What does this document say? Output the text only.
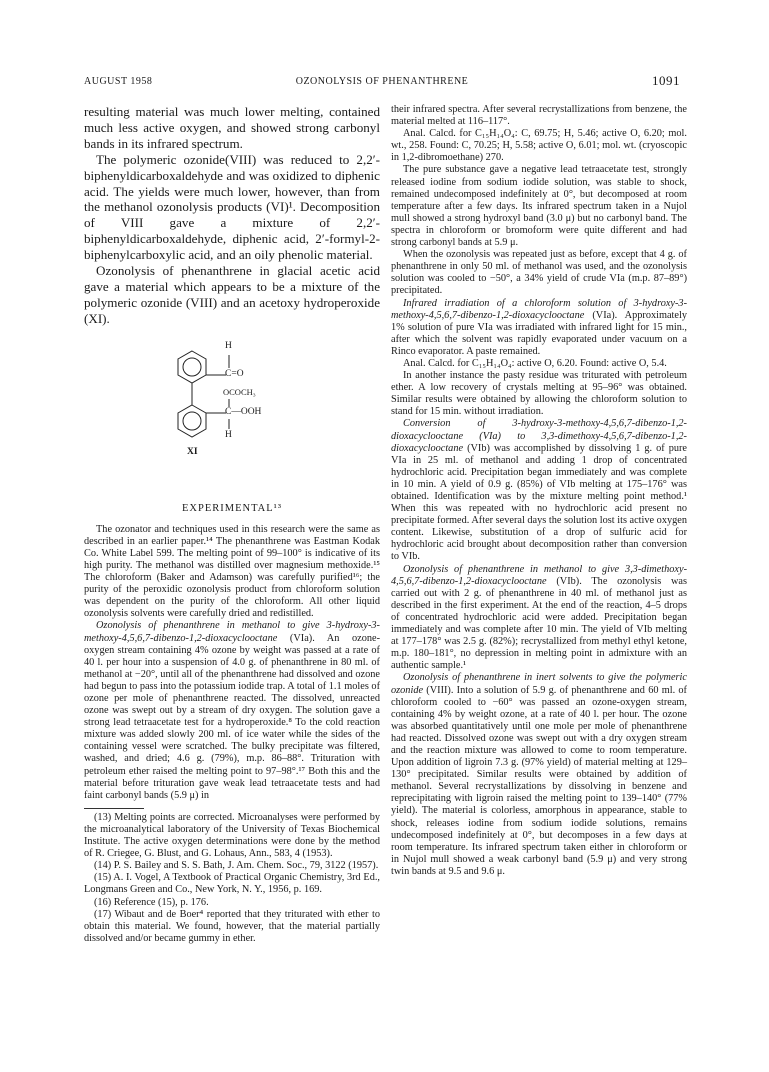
AUGUST 1958	OZONOLYSIS OF PHENANTHRENE	1091

resulting material was much lower melting, contained much less active oxygen, and showed strong carbonyl bands in its infrared spectrum.

The polymeric ozonide(VIII) was reduced to 2,2′-biphenyldicarboxaldehyde and was oxidized to diphenic acid. The yields were much lower, however, than from the methanol ozonolysis products (VI)¹. Decomposition of VIII gave a mixture of 2,2′-biphenyldicarboxaldehyde, diphenic acid, 2′-formyl-2-biphenylcarboxylic acid, and an oily phenolic material.

Ozonolysis of phenanthrene in glacial acetic acid gave a material which appears to be a mixture of the polymeric ozonide (VIII) and an acetoxy hydroperoxide (XI).

H
C=O
OCOCH₃
C—OOH
H
XI
EXPERIMENTAL¹³

The ozonator and techniques used in this research were the same as described in an earlier paper.¹⁴ The phenanthrene was Eastman Kodak Co. White Label 599. The melting point of 99–100° is indicative of its high purity. The methanol was distilled over magnesium methoxide.¹⁵ The chloroform (Baker and Adamson) was carefully purified¹⁶; the purity of the peroxidic ozonolysis product from chloroform solution was dependent on the purity of the chloroform. All other liquid ozonolysis solvents were carefully dried and redistilled.

Ozonolysis of phenanthrene in methanol to give 3-hydroxy-3-methoxy-4,5,6,7-dibenzo-1,2-dioxacyclooctane (VIa). An ozone-oxygen stream containing 4% ozone by weight was passed at a rate of 40 l. per hour into a suspension of 4.0 g. of phenanthrene in 80 ml. of methanol at −20°, until all of the phenanthrene had dissolved and ozone had begun to pass into the potassium iodide trap. A total of 1.1 moles of ozone per mole of phenanthrene reacted. The dissolved, unreacted ozone was swept out by a stream of dry oxygen. The solution gave a strong lead tetraacetate test for a hydroperoxide.⁸ To the cold reaction mixture was added slowly 200 ml. of ice water while the sides of the containing vessel were scratched. The bulky precipitate was filtered, washed, and dried; 4.6 g. (79%), m.p. 86–88°. Trituration with petroleum ether raised the melting point to 97–98°.¹⁷ Both this and the material before trituration gave weak lead tetraacetate tests and had faint carbonyl bands (5.9 μ) in

(13) Melting points are corrected. Microanalyses were performed by the microanalytical laboratory of the University of Texas Biochemical Institute. The active oxygen determinations were done by the method of R. Criegee, G. Blust, and G. Lohaus, Ann., 583, 4 (1953).

(14) P. S. Bailey and S. S. Bath, J. Am. Chem. Soc., 79, 3122 (1957).

(15) A. I. Vogel, A Textbook of Practical Organic Chemistry, 3rd Ed., Longmans Green and Co., New York, N. Y., 1956, p. 169.

(16) Reference (15), p. 176.

(17) Wibaut and de Boer⁴ reported that they triturated with ether to obtain this material. We found, however, that the material partially dissolved and/or became gummy in ether.

their infrared spectra. After several recrystallizations from benzene, the material melted at 116–117°.

Anal. Calcd. for C₁₅H₁₄O₄: C, 69.75; H, 5.46; active O, 6.20; mol. wt., 258. Found: C, 70.25; H, 5.58; active O, 6.01; mol. wt. (cryoscopic in 1,2-dibromoethane) 270.

The pure substance gave a negative lead tetraacetate test, strongly released iodine from sodium iodide solution, was stable to shock, remained undecomposed indefinitely at 0°, but decomposed at room temperature after a few days. Its infrared spectrum taken in a Nujol mull showed a strong hydroxyl band (3.0 μ) but no carbonyl band. The spectra in chloroform or bromoform were quite different and had strong carbonyl bands at 5.9 μ.

When the ozonolysis was repeated just as before, except that 4 g. of phenanthrene in only 50 ml. of methanol was used, and the ozonolysis solution was cooled to −50°, a 34% yield of crude VIa (m.p. 87–89°) precipitated.

Infrared irradiation of a chloroform solution of 3-hydroxy-3-methoxy-4,5,6,7-dibenzo-1,2-dioxacyclooctane (VIa). Approximately 1% solution of pure VIa was irradiated with infrared light for 15 min., after which the solvent was rapidly evaporated under vacuum on a Rinco evaporator. A paste remained.

Anal. Calcd. for C₁₅H₁₄O₄: active O, 6.20. Found: active O, 5.4.

In another instance the pasty residue was triturated with petroleum ether. A low recovery of crystals melting at 95–96° was obtained. Similar results were obtained by allowing the chloroform solution to stand for 15 min. without irradiation.

Conversion of 3-hydroxy-3-methoxy-4,5,6,7-dibenzo-1,2-dioxacyclooctane (VIa) to 3,3-dimethoxy-4,5,6,7-dibenzo-1,2-dioxacyclooctane (VIb) was accomplished by dissolving 1 g. of pure VIa in 25 ml. of methanol and adding 1 drop of concentrated hydrochloric acid. Precipitation began immediately and was complete in 10 min. A yield of 0.9 g. (85%) of VIb melting at 175–176° was obtained. Identification was by the mixture melting point method.¹ When this was repeated with no hydrochloric acid present no precipitate formed. After several days the solution lost its active oxygen content. Likewise, substitution of a drop of sulfuric acid for hydrochloric acid brought about decomposition rather than conversion to VIb.

Ozonolysis of phenanthrene in methanol to give 3,3-dimethoxy-4,5,6,7-dibenzo-1,2-dioxacyclooctane (VIb). The ozonolysis was carried out with 2 g. of phenanthrene in 40 ml. of methanol just as described in the first experiment. At the end of the reaction, 4–5 drops of concentrated hydrochloric acid were added. Precipitation began immediately and was complete after 10 min. The yield of VIb melting at 177–178° was 2.5 g. (82%); recrystallized from methyl ethyl ketone, m.p. 180–181°, no depression in melting point in admixture with an authentic sample.¹

Ozonolysis of phenanthrene in inert solvents to give the polymeric ozonide (VIII). Into a solution of 5.9 g. of phenanthrene and 60 ml. of chloroform cooled to −60° was passed an ozone-oxygen stream, containing 4% by weight ozone, at a rate of 40 l. per hour. The ozone was absorbed quantitatively until one mole per mole of phenanthrene had reacted. Dissolved ozone was swept out with a dry oxygen stream and the reaction mixture was allowed to come to room temperature. Upon addition of ligroin 7.3 g. (97% yield) of material melting at 129–130° precipitated. Similar results were obtained by addition of methanol. Several recrystallizations by dissolving in benzene and reprecipitating with ligroin raised the melting point to 139–140° (77% yield). The material is colorless, amorphous in appearance, stable to shock, releases iodine from sodium iodide solutions, remains undecomposed indefinitely at 0°, but decomposes in a few days at room temperature. Its infrared spectrum taken either in chloroform or in Nujol mull showed a weak carbonyl band (5.9 μ) and very strong twin bands at 9.5 and 9.6 μ.
